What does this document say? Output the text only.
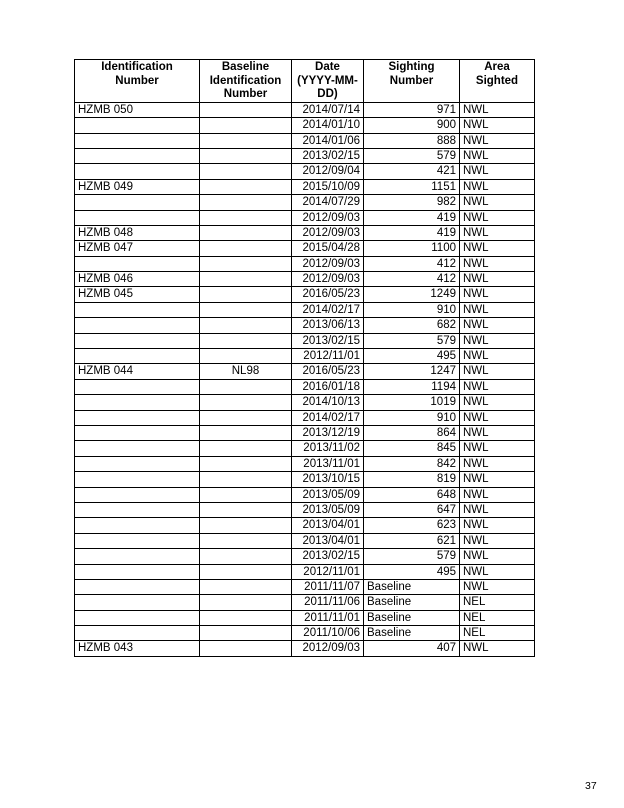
Identification Number	Baseline Identification Number	Date (YYYY-MM-DD)	Sighting Number	Area Sighted
HZMB 050		2014/07/14	971	NWL
		2014/01/10	900	NWL
		2014/01/06	888	NWL
		2013/02/15	579	NWL
		2012/09/04	421	NWL
HZMB 049		2015/10/09	1151	NWL
		2014/07/29	982	NWL
		2012/09/03	419	NWL
HZMB 048		2012/09/03	419	NWL
HZMB 047		2015/04/28	1100	NWL
		2012/09/03	412	NWL
HZMB 046		2012/09/03	412	NWL
HZMB 045		2016/05/23	1249	NWL
		2014/02/17	910	NWL
		2013/06/13	682	NWL
		2013/02/15	579	NWL
		2012/11/01	495	NWL
HZMB 044	NL98	2016/05/23	1247	NWL
		2016/01/18	1194	NWL
		2014/10/13	1019	NWL
		2014/02/17	910	NWL
		2013/12/19	864	NWL
		2013/11/02	845	NWL
		2013/11/01	842	NWL
		2013/10/15	819	NWL
		2013/05/09	648	NWL
		2013/05/09	647	NWL
		2013/04/01	623	NWL
		2013/04/01	621	NWL
		2013/02/15	579	NWL
		2012/11/01	495	NWL
		2011/11/07	Baseline	NWL
		2011/11/06	Baseline	NEL
		2011/11/01	Baseline	NEL
		2011/10/06	Baseline	NEL
HZMB 043		2012/09/03	407	NWL
37
